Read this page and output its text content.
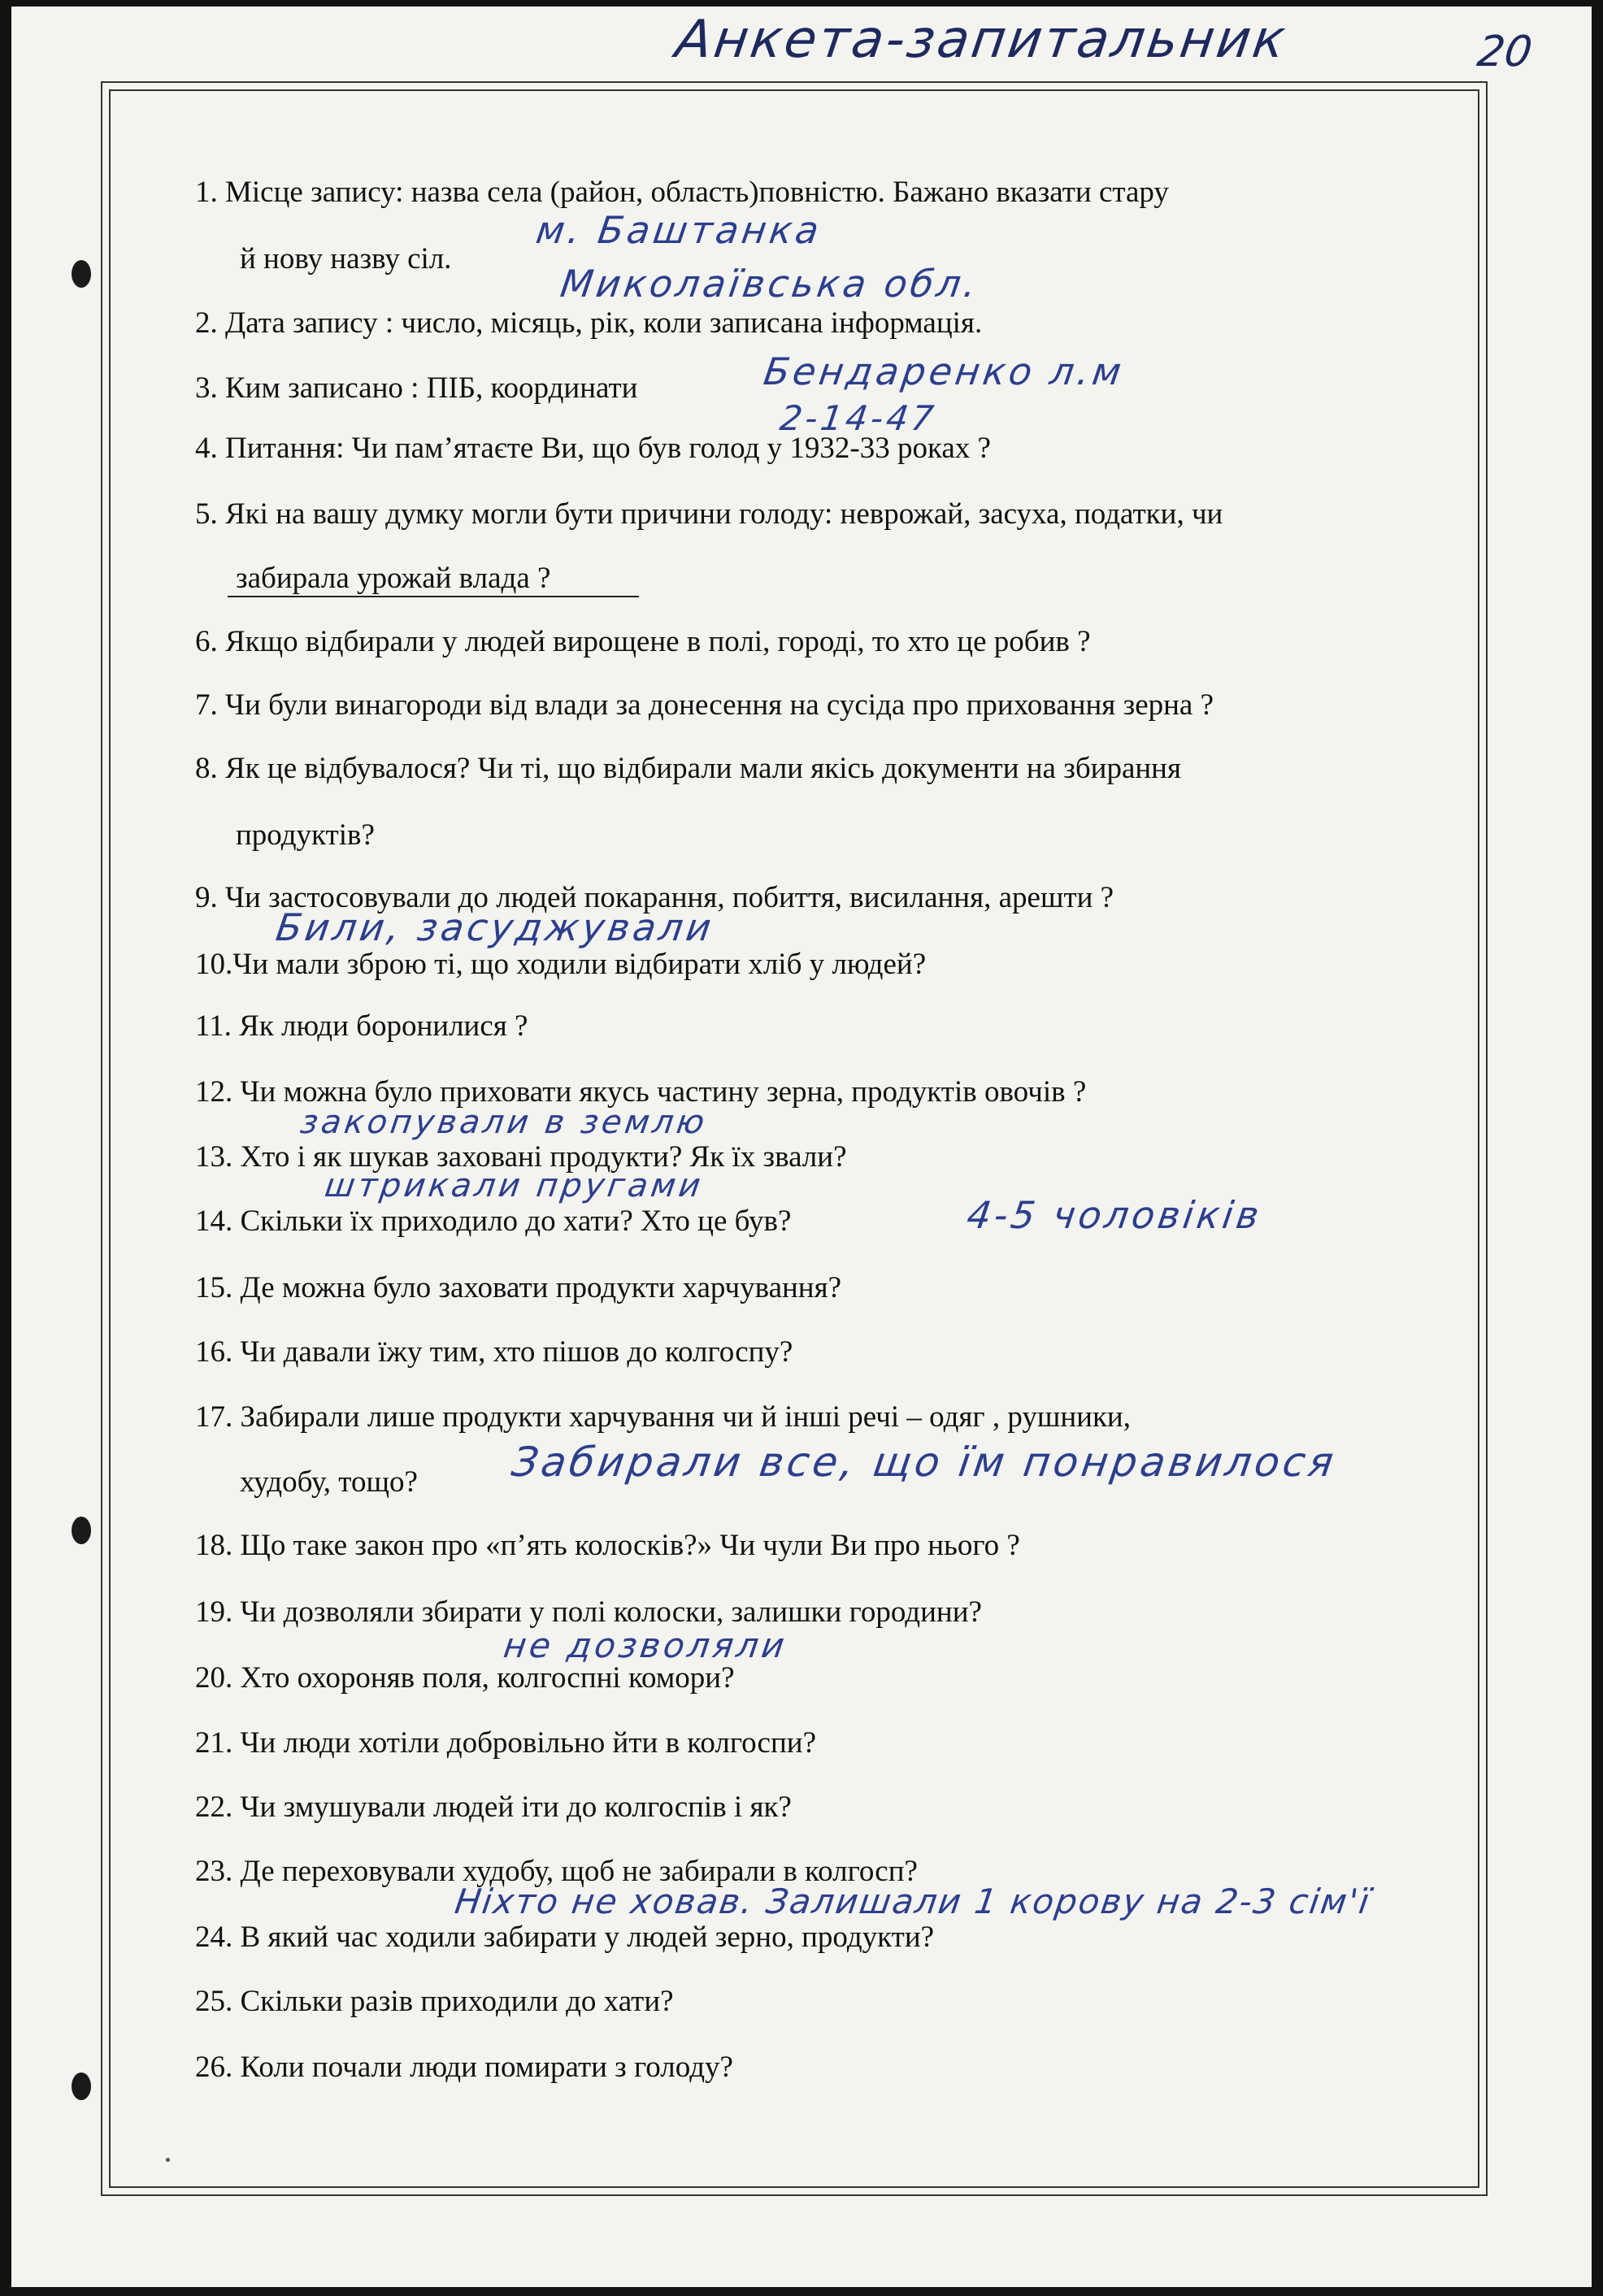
Анкета-запитальник	20
1. Місце запису: назва села (район, область)повністю. Бажано вказати стару
й нову назву сіл.
2. Дата запису : число, місяць, рік, коли записана інформація.
3. Ким записано : ПІБ, координати
4. Питання: Чи пам’ятаєте Ви, що був голод у 1932-33 роках ?
5. Які на вашу думку могли бути причини голоду: неврожай, засуха, податки, чи
забирала урожай влада ?
6. Якщо відбирали у людей вирощене в полі, городі, то хто це робив ?
7. Чи були винагороди від влади за донесення на сусіда про приховання зерна ?
8. Як це відбувалося? Чи ті, що відбирали мали якісь документи на збирання
продуктів?
9. Чи застосовували до людей покарання, побиття, висилання, арешти ?
10.Чи мали зброю ті, що ходили відбирати хліб у людей?
11. Як люди боронилися ?
12. Чи можна було приховати якусь частину зерна, продуктів овочів ?
13. Хто і як шукав заховані продукти? Як їх звали?
14. Скільки їх приходило до хати? Хто це був?
15. Де можна було заховати продукти харчування?
16. Чи давали їжу тим, хто пішов до колгоспу?
17. Забирали лише продукти харчування чи й інші речі – одяг , рушники,
худобу, тощо?
18. Що таке закон про «п’ять колосків?» Чи чули Ви про нього ?
19. Чи дозволяли збирати у полі колоски, залишки городини?
20. Хто охороняв поля, колгоспні комори?
21. Чи люди хотіли добровільно йти в колгоспи?
22. Чи змушували людей іти до колгоспів і як?
23. Де переховували худобу, щоб не забирали в колгосп?
24. В який час ходили забирати у людей зерно, продукти?
25. Скільки разів приходили до хати?
26. Коли почали люди помирати з голоду?
м. Баштанка
Миколаївська обл.
Бендаренко л.м
2-14-47
Били, засуджували
закопували в землю
штрикали пругами
4-5 чоловіків
Забирали все, що їм понравилося
не дозволяли
Ніхто не ховав. Залишали 1 корову на 2-3 сім'ї
